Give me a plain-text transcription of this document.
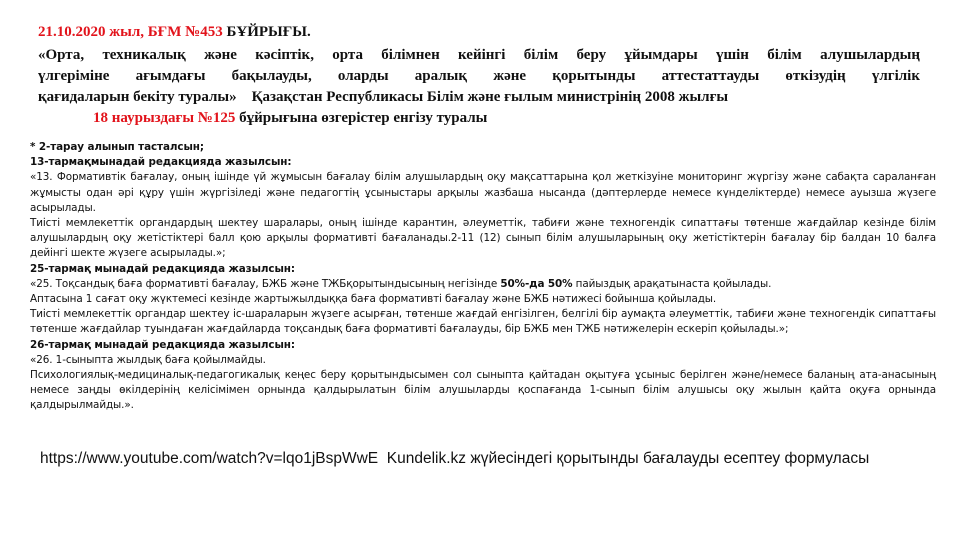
21.10.2020 жыл, БҒМ №453 БҰЙРЫҒЫ.
«Орта, техникалық және кәсіптік, орта білімнен кейінгі білім беру ұйымдары үшін білім алушылардың
үлгеріміне ағымдағы бақылауды, оларды аралық және қорытынды аттестаттауды өткізудің үлгілік
қағидаларын бекіту туралы»    Қазақстан Республикасы Білім және ғылым министрінің 2008 жылғы
18 наурыздағы №125 бұйрығына өзгерістер енгізу туралы

* 2-тарау алынып тасталсын;

13-тармақмынадай редакцияда жазылсын:

«13. Формативтік бағалау, оның ішінде үй жұмысын бағалау білім алушылардың оқу мақсаттарына қол жеткізуіне мониторинг жүргізу және сабақта сараланған жұмысты одан әрі құру үшін жүргізіледі және педагогтің ұсыныстары арқылы жазбаша нысанда (дәптерлерде немесе күнделіктерде) немесе ауызша жүзеге асырылады.

Тиісті мемлекеттік органдардың шектеу шаралары, оның ішінде карантин, әлеуметтік, табиғи және техногендік сипаттағы төтенше жағдайлар кезінде білім алушылардың оқу жетістіктері балл қою арқылы формативті бағаланады.2-11 (12) сынып білім алушыларының оқу жетістіктерін бағалау бір балдан 10 балға дейінгі шекте жүзеге асырылады.»;

25-тармақ мынадай редакцияда жазылсын:

«25. Тоқсандық баға формативті бағалау, БЖБ және ТЖБқорытындысының негізінде 50%-да 50% пайыздық арақатынаста қойылады.

Аптасына 1 сағат оқу жүктемесі кезінде жартыжылдыққа баға формативті бағалау және БЖБ нәтижесі бойынша қойылады.

Тиісті мемлекеттік органдар шектеу іс-шараларын жүзеге асырған, төтенше жағдай енгізілген, белгілі бір аумақта әлеуметтік, табиғи және техногендік сипаттағы төтенше жағдайлар туындаған жағдайларда тоқсандық баға формативті бағалауды, бір БЖБ мен ТЖБ нәтижелерін ескеріп қойылады.»;

26-тармақ мынадай редакцияда жазылсын:

«26. 1-сыныпта жылдық баға қойылмайды.

Психологиялық-медициналық-педагогикалық кеңес беру қорытындысымен сол сыныпта қайтадан оқытуға ұсыныс берілген және/немесе баланың ата-анасының немесе заңды өкілдерінің келісімімен орнында қалдырылатын білім алушыларды қоспағанда 1-сынып білім алушысы оқу жылын қайта оқуға орнында қалдырылмайды.».

https://www.youtube.com/watch?v=lqo1jBspWwE  Kundelik.kz жүйесіндегі қорытынды бағалауды есептеу формуласы
